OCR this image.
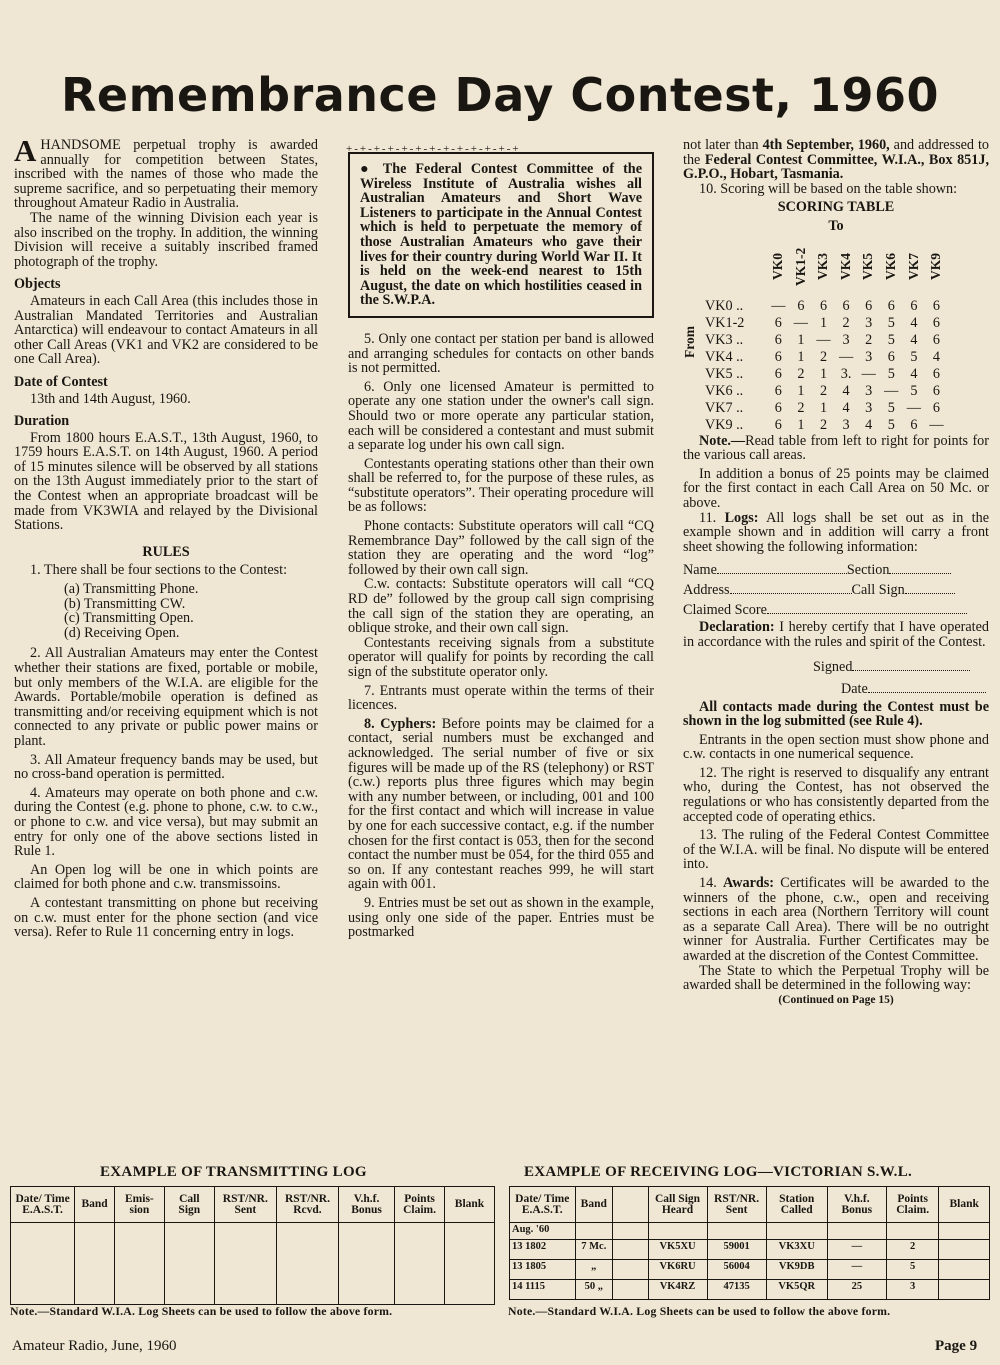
Remembrance Day Contest, 1960

AHANDSOME perpetual trophy is awarded annually for competition between States, inscribed with the names of those who made the supreme sacrifice, and so perpetuating their memory throughout Amateur Radio in Australia.

The name of the winning Division each year is also inscribed on the trophy. In addition, the winning Division will receive a suitably inscribed framed photograph of the trophy.

Objects

Amateurs in each Call Area (this includes those in Australian Mandated Territories and Australian Antarctica) will endeavour to contact Amateurs in all other Call Areas (VK1 and VK2 are considered to be one Call Area).

Date of Contest

13th and 14th August, 1960.

Duration

From 1800 hours E.A.S.T., 13th August, 1960, to 1759 hours E.A.S.T. on 14th August, 1960. A period of 15 minutes silence will be observed by all stations on the 13th August immediately prior to the start of the Contest when an appropriate broadcast will be made from VK3WIA and relayed by the Divisional Stations.

RULES

1. There shall be four sections to the Contest:

(a) Transmitting Phone.
(b) Transmitting CW.
(c) Transmitting Open.
(d) Receiving Open.

2. All Australian Amateurs may enter the Contest whether their stations are fixed, portable or mobile, but only members of the W.I.A. are eligible for the Awards. Portable/mobile operation is defined as transmitting and/or receiving equipment which is not connected to any private or public power mains or plant.

3. All Amateur frequency bands may be used, but no cross-band operation is permitted.

4. Amateurs may operate on both phone and c.w. during the Contest (e.g. phone to phone, c.w. to c.w., or phone to c.w. and vice versa), but may submit an entry for only one of the above sections listed in Rule 1.

An Open log will be one in which points are claimed for both phone and c.w. transmissoins.

A contestant transmitting on phone but receiving on c.w. must enter for the phone section (and vice versa). Refer to Rule 11 concerning entry in logs.

+-+-+-+-+-+-+-+-+-+-+-+-+ ● The Federal Contest Committee of the Wireless Institute of Australia wishes all Australian Amateurs and Short Wave Listeners to participate in the Annual Contest which is held to perpetuate the memory of those Australian Amateurs who gave their lives for their country during World War II. It is held on the week-end nearest to 15th August, the date on which hostilities ceased in the S.W.P.A.

5. Only one contact per station per band is allowed and arranging schedules for contacts on other bands is not permitted.

6. Only one licensed Amateur is permitted to operate any one station under the owner's call sign. Should two or more operate any particular station, each will be considered a contestant and must submit a separate log under his own call sign.

Contestants operating stations other than their own shall be referred to, for the purpose of these rules, as “substitute operators”. Their operating procedure will be as follows:

Phone contacts: Substitute operators will call “CQ Remembrance Day” followed by the call sign of the station they are operating and the word “log” followed by their own call sign.

C.w. contacts: Substitute operators will call “CQ RD de” followed by the group call sign comprising the call sign of the station they are operating, an oblique stroke, and their own call sign.

Contestants receiving signals from a substitute operator will qualify for points by recording the call sign of the substitute operator only.

7. Entrants must operate within the terms of their licences.

8. Cyphers: Before points may be claimed for a contact, serial numbers must be exchanged and acknowledged. The serial number of five or six figures will be made up of the RS (telephony) or RST (c.w.) reports plus three figures which may begin with any number between, or including, 001 and 100 for the first contact and which will increase in value by one for each successive contact, e.g. if the number chosen for the first contact is 053, then for the second contact the number must be 054, for the third 055 and so on. If any contestant reaches 999, he will start again with 001.

9. Entries must be set out as shown in the example, using only one side of the paper. Entries must be postmarked

not later than 4th September, 1960, and addressed to the Federal Contest Committee, W.I.A., Box 851J, G.P.O., Hobart, Tasmania.

10. Scoring will be based on the table shown:

SCORING TABLE
To
From

	VK0	VK1-2	VK3	VK4	VK5	VK6	VK7	VK9

VK0 ..	—	6	6	6	6	6	6	6
VK1-2	6	—	1	2	3	5	4	6
VK3 ..	6	1	—	3	2	5	4	6
VK4 ..	6	1	2	—	3	6	5	4
VK5 ..	6	2	1	3.	—	5	4	6
VK6 ..	6	1	2	4	3	—	5	6
VK7 ..	6	2	1	4	3	5	—	6
VK9 ..	6	1	2	3	4	5	6	—

Note.—Read table from left to right for points for the various call areas.

In addition a bonus of 25 points may be claimed for the first contact in each Call Area on 50 Mc. or above.

11. Logs: All logs shall be set out as in the example shown and in addition will carry a front sheet showing the following information:

Name	Section
Address	Call Sign
Claimed Score

Declaration: I hereby certify that I have operated in accordance with the rules and spirit of the Contest.

Signed
Date

All contacts made during the Contest must be shown in the log submitted (see Rule 4).

Entrants in the open section must show phone and c.w. contacts in one numerical sequence.

12. The right is reserved to disqualify any entrant who, during the Contest, has not observed the regulations or who has consistently departed from the accepted code of operating ethics.

13. The ruling of the Federal Contest Committee of the W.I.A. will be final. No dispute will be entered into.

14. Awards: Certificates will be awarded to the winners of the phone, c.w., open and receiving sections in each area (Northern Territory will count as a separate Call Area). There will be no outright winner for Australia. Further Certificates may be awarded at the discretion of the Contest Committee.

The State to which the Perpetual Trophy will be awarded shall be determined in the following way:

(Continued on Page 15)
EXAMPLE OF TRANSMITTING LOG
Date/ Time E.A.S.T.	Band	Emis- sion	Call Sign	RST/NR. Sent	RST/NR. Rcvd.	V.h.f. Bonus	Points Claim.	Blank

Note.—Standard W.I.A. Log Sheets can be used to follow the above form.
EXAMPLE OF RECEIVING LOG—VICTORIAN S.W.L.
Date/ Time E.A.S.T.	Band		Call Sign Heard	RST/NR. Sent	Station Called	V.h.f. Bonus	Points Claim.	Blank
Aug. '60								
13 1802	7 Mc.		VK5XU	59001	VK3XU	—	2	
13 1805	„		VK6RU	56004	VK9DB	—	5	
14 1115	50 „		VK4RZ	47135	VK5QR	25	3	
Note.—Standard W.I.A. Log Sheets can be used to follow the above form.
Amateur Radio, June, 1960	Page 9
